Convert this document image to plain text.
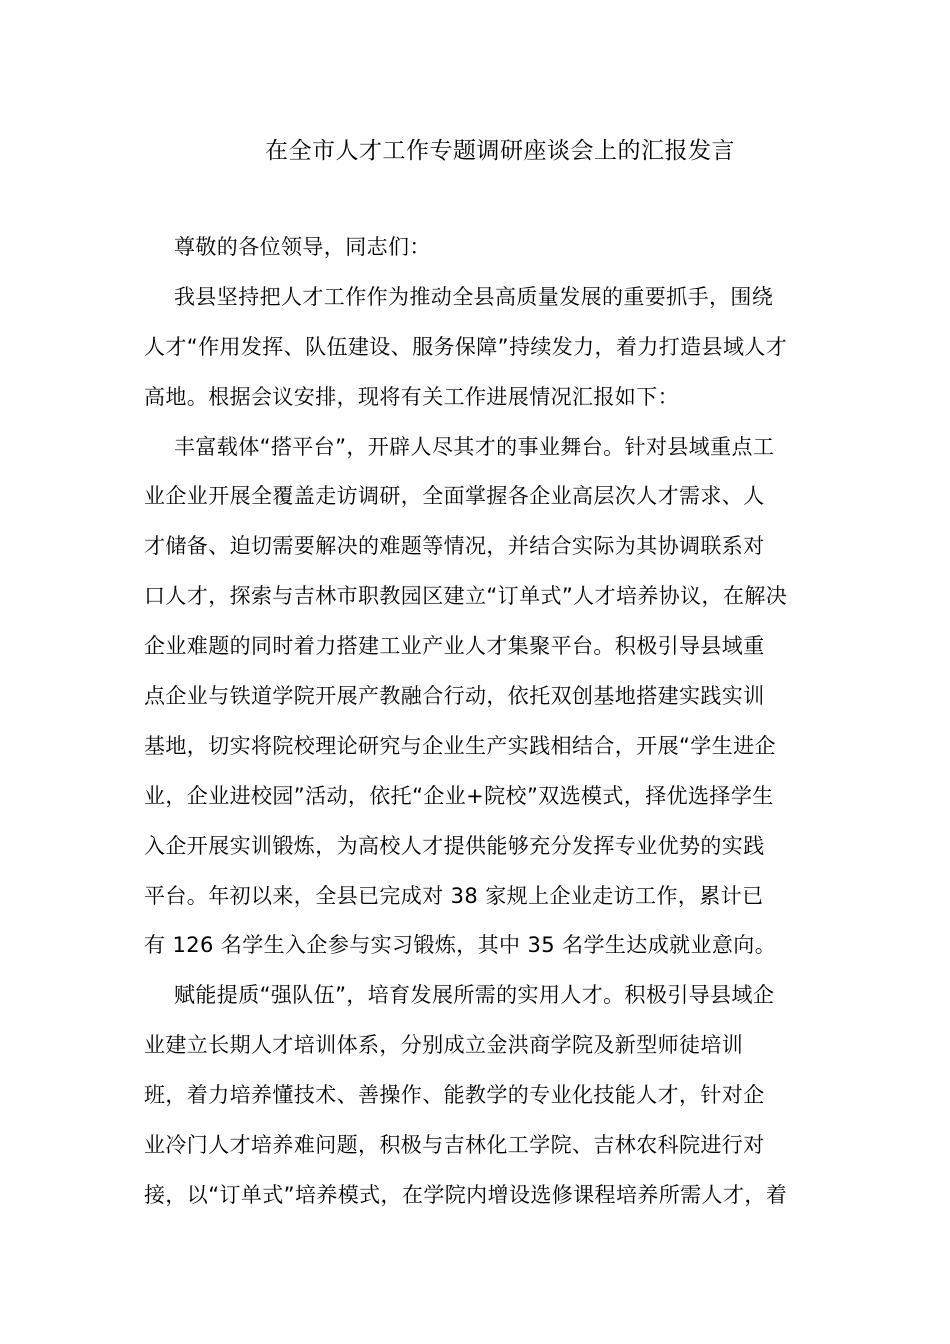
在全市人才工作专题调研座谈会上的汇报发言
尊敬的各位领导，同志们：
我县坚持把人才工作作为推动全县高质量发展的重要抓手，围绕
人才“作用发挥、队伍建设、服务保障”持续发力，着力打造县域人才
高地。根据会议安排，现将有关工作进展情况汇报如下：
丰富载体“搭平台”，开辟人尽其才的事业舞台。针对县域重点工
业企业开展全覆盖走访调研，全面掌握各企业高层次人才需求、人
才储备、迫切需要解决的难题等情况，并结合实际为其协调联系对
口人才，探索与吉林市职教园区建立“订单式”人才培养协议，在解决
企业难题的同时着力搭建工业产业人才集聚平台。积极引导县域重
点企业与铁道学院开展产教融合行动，依托双创基地搭建实践实训
基地，切实将院校理论研究与企业生产实践相结合，开展“学生进企
业，企业进校园”活动，依托“企业+院校”双选模式，择优选择学生
入企开展实训锻炼，为高校人才提供能够充分发挥专业优势的实践
平台。年初以来，全县已完成对 38 家规上企业走访工作，累计已
有 126 名学生入企参与实习锻炼，其中 35 名学生达成就业意向。
赋能提质“强队伍”，培育发展所需的实用人才。积极引导县域企
业建立长期人才培训体系，分别成立金洪商学院及新型师徒培训
班，着力培养懂技术、善操作、能教学的专业化技能人才，针对企
业冷门人才培养难问题，积极与吉林化工学院、吉林农科院进行对
接，以“订单式”培养模式，在学院内增设选修课程培养所需人才，着
